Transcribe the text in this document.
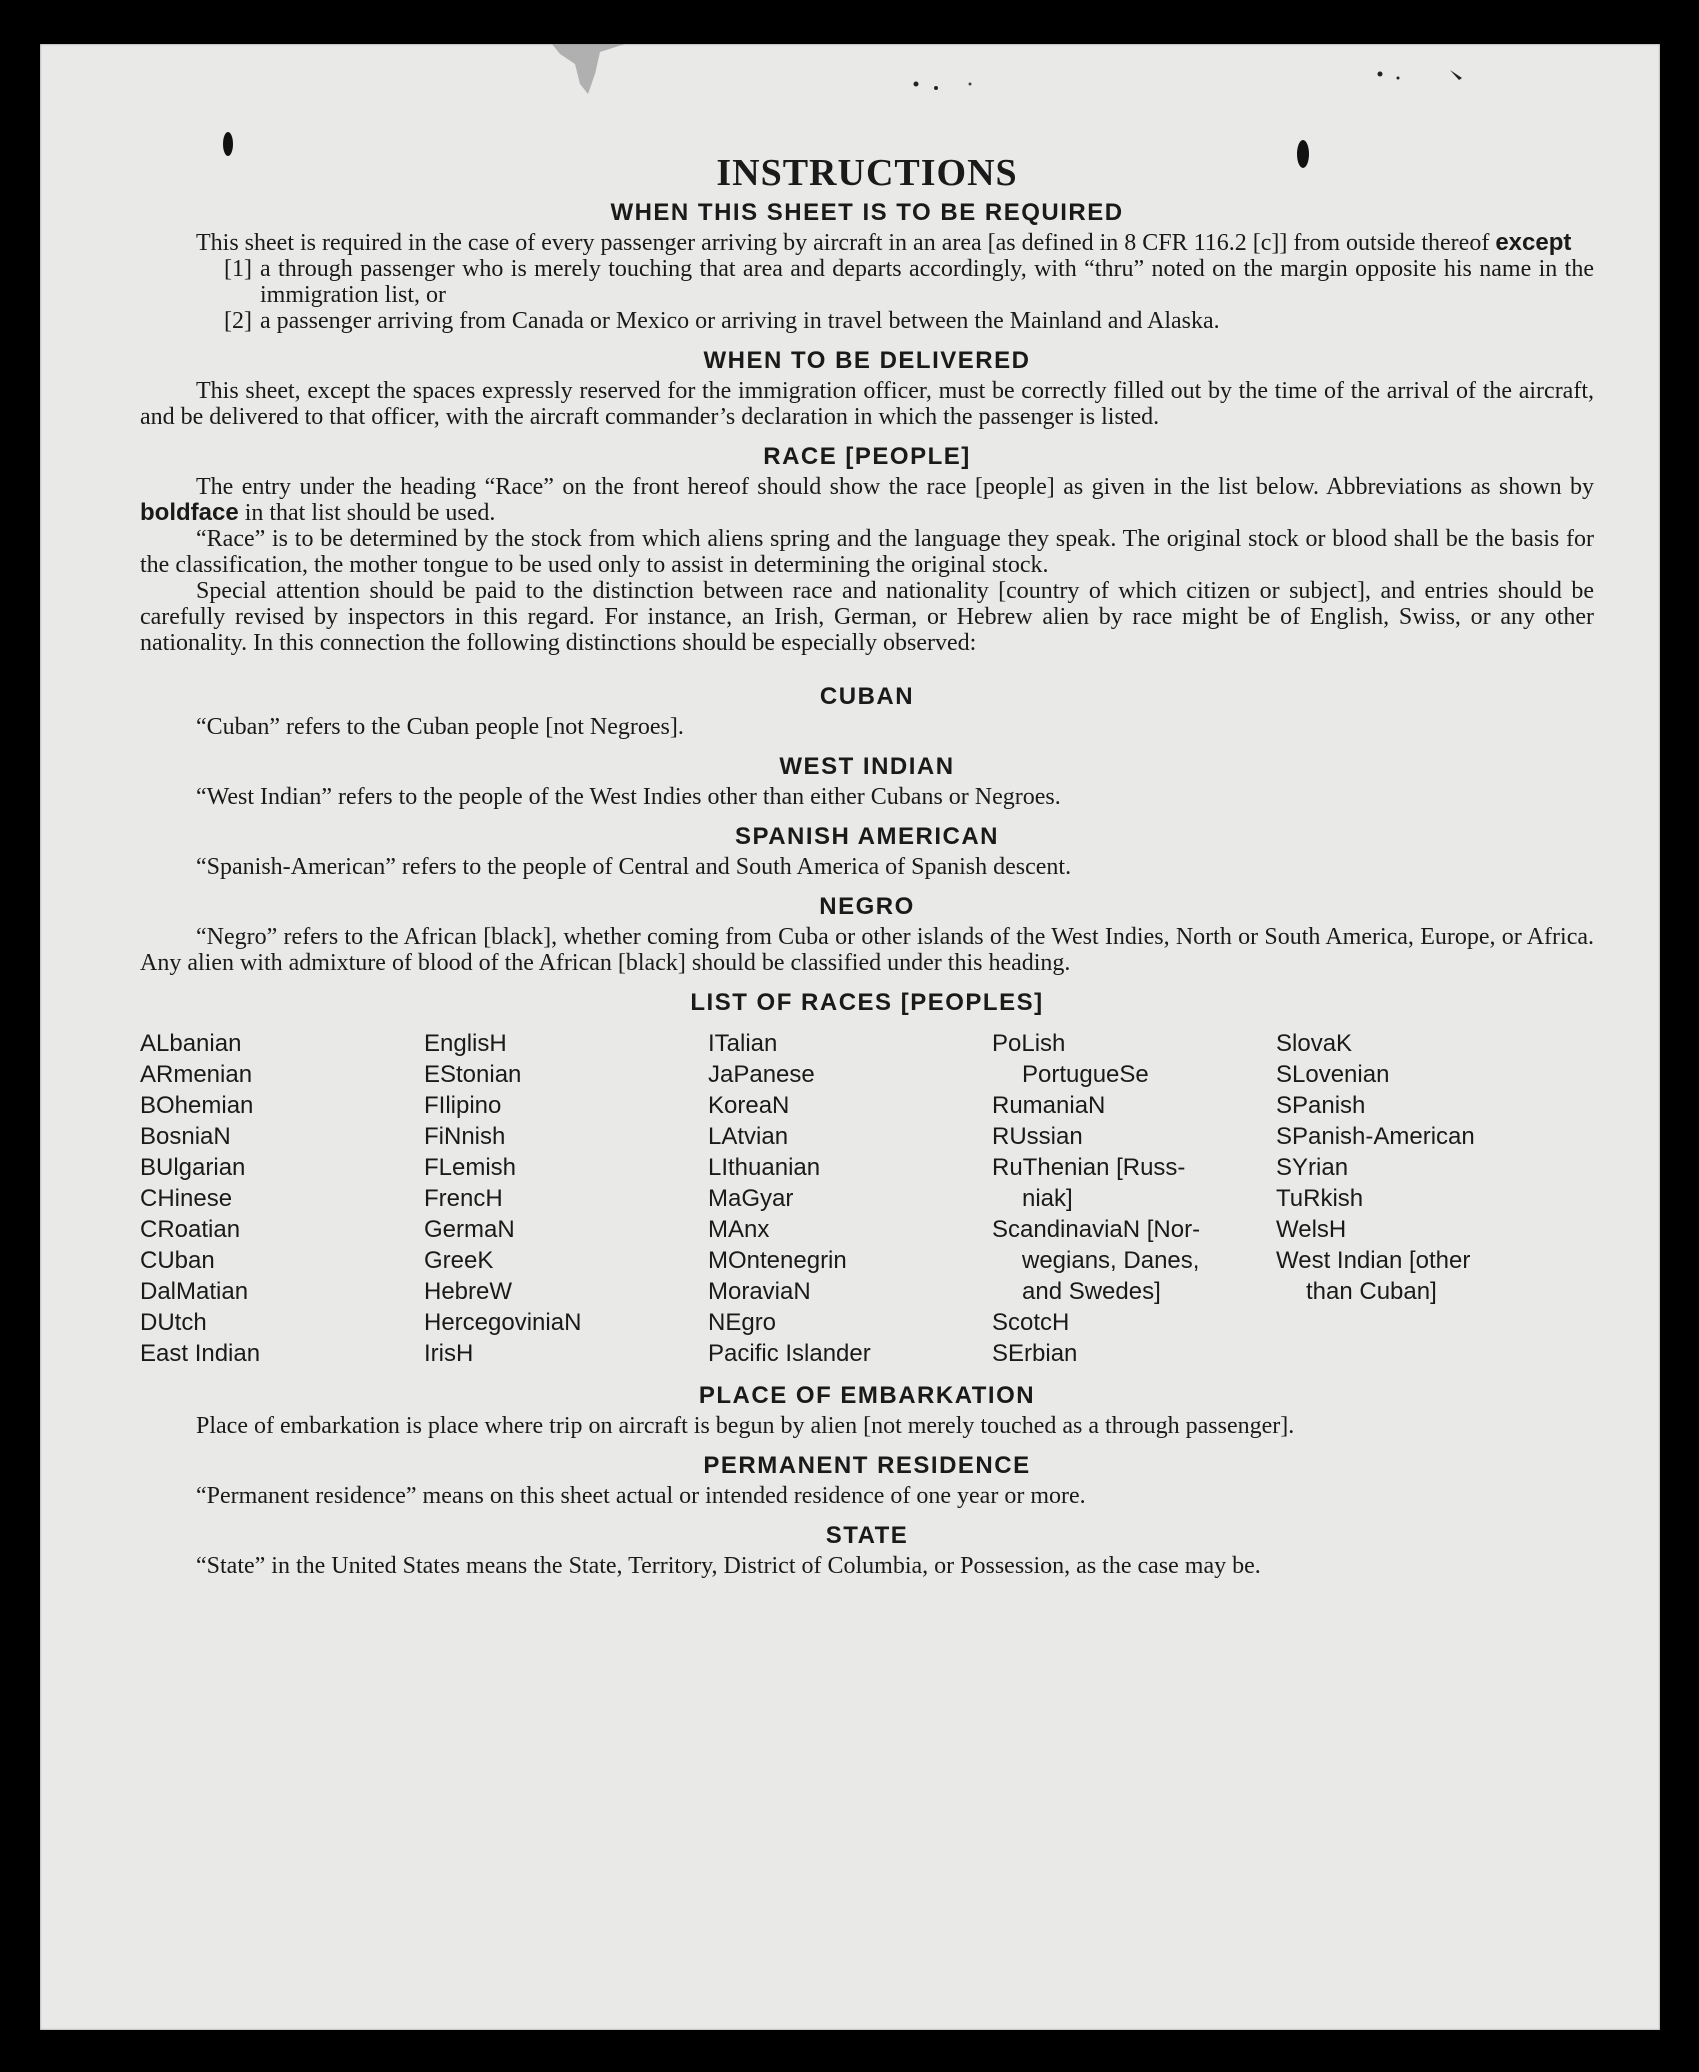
INSTRUCTIONS
WHEN THIS SHEET IS TO BE REQUIRED

This sheet is required in the case of every passenger arriving by aircraft in an area [as defined in 8 CFR 116.2 [c]] from outside thereof except

[1] a through passenger who is merely touching that area and departs accordingly, with “thru” noted on the margin opposite his name in the immigration list, or
[2] a passenger arriving from Canada or Mexico or arriving in travel between the Mainland and Alaska.
WHEN TO BE DELIVERED

This sheet, except the spaces expressly reserved for the immigration officer, must be correctly filled out by the time of the arrival of the aircraft, and be delivered to that officer, with the aircraft commander’s declaration in which the passenger is listed.

RACE [PEOPLE]

The entry under the heading “Race” on the front hereof should show the race [people] as given in the list below. Abbreviations as shown by boldface in that list should be used.

“Race” is to be determined by the stock from which aliens spring and the language they speak. The original stock or blood shall be the basis for the classification, the mother tongue to be used only to assist in determining the original stock.

Special attention should be paid to the distinction between race and nationality [country of which citizen or subject], and entries should be carefully revised by inspectors in this regard. For instance, an Irish, German, or Hebrew alien by race might be of English, Swiss, or any other nationality. In this connection the following distinctions should be especially observed:

CUBAN

“Cuban” refers to the Cuban people [not Negroes].

WEST INDIAN

“West Indian” refers to the people of the West Indies other than either Cubans or Negroes.

SPANISH AMERICAN

“Spanish-American” refers to the people of Central and South America of Spanish descent.

NEGRO

“Negro” refers to the African [black], whether coming from Cuba or other islands of the West Indies, North or South America, Europe, or Africa. Any alien with admixture of blood of the African [black] should be classified under this heading.

LIST OF RACES [PEOPLES]
ALbanian
ARmenian
BOhemian
BosniaN
BUlgarian
CHinese
CRoatian
CUban
DalMatian
DUtch
East Indian
EnglisH
EStonian
FIlipino
FiNnish
FLemish
FrencH
GermaN
GreeK
HebreW
HercegoviniaN
IrisH
ITalian
JaPanese
KoreaN
LAtvian
LIthuanian
MaGyar
MAnx
MOntenegrin
MoraviaN
NEgro
Pacific Islander
PoLish
PortugueSe
RumaniaN
RUssian
RuThenian [Russ-
niak]
ScandinaviaN [Nor-
wegians, Danes,
and Swedes]
ScotcH
SErbian
SlovaK
SLovenian
SPanish
SPanish-American
SYrian
TuRkish
WelsH
West Indian [other
than Cuban]
PLACE OF EMBARKATION

Place of embarkation is place where trip on aircraft is begun by alien [not merely touched as a through passenger].

PERMANENT RESIDENCE

“Permanent residence” means on this sheet actual or intended residence of one year or more.

STATE

“State” in the United States means the State, Territory, District of Columbia, or Possession, as the case may be.
